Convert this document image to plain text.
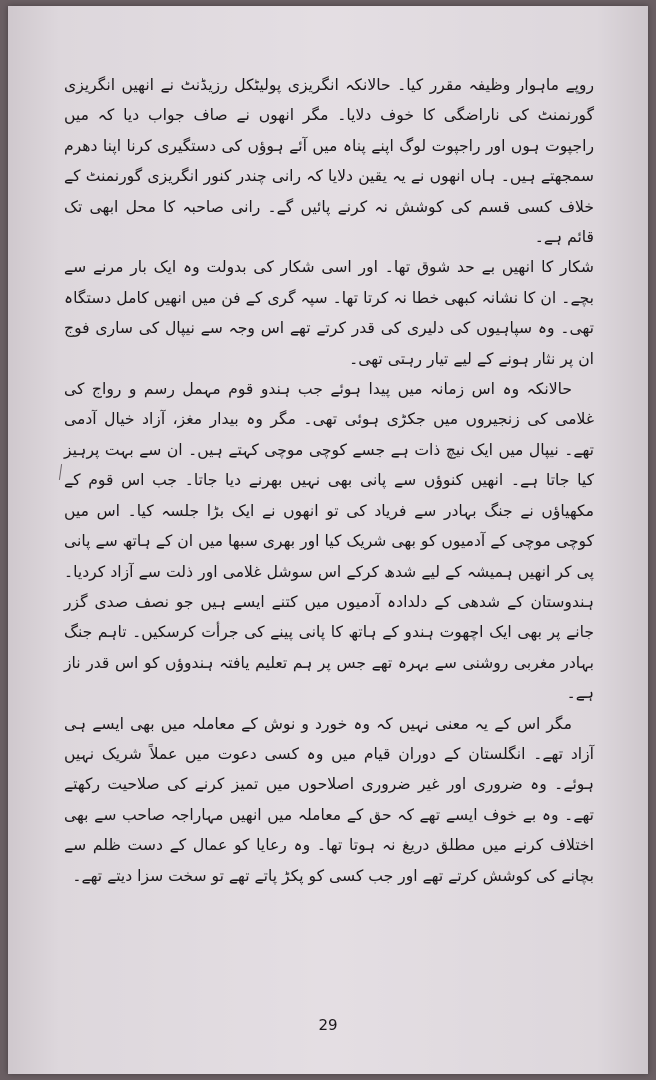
روپے ماہوار وظیفہ مقرر کیا۔ حالانکہ انگریزی پولیٹکل رزیڈنٹ نے انھیں انگریزی گورنمنٹ کی ناراضگی کا خوف دلایا۔ مگر انھوں نے صاف جواب دیا کہ میں راجپوت ہوں اور راجپوت لوگ اپنے پناہ میں آئے ہوؤں کی دستگیری کرنا اپنا دھرم سمجھتے ہیں۔ ہاں انھوں نے یہ یقین دلایا کہ رانی چندر کنور انگریزی گورنمنٹ کے خلاف کسی قسم کی کوشش نہ کرنے پائیں گے۔ رانی صاحبہ کا محل ابھی تک قائم ہے۔

شکار کا انھیں بے حد شوق تھا۔ اور اسی شکار کی بدولت وہ ایک بار مرنے سے بچے۔ ان کا نشانہ کبھی خطا نہ کرتا تھا۔ سپہ گری کے فن میں انھیں کامل دستگاہ تھی۔ وہ سپاہیوں کی دلیری کی قدر کرتے تھے اس وجہ سے نیپال کی ساری فوج ان پر نثار ہونے کے لیے تیار رہتی تھی۔

حالانکہ وہ اس زمانہ میں پیدا ہوئے جب ہندو قوم مہمل رسم و رواج کی غلامی کی زنجیروں میں جکڑی ہوئی تھی۔ مگر وہ بیدار مغز، آزاد خیال آدمی تھے۔ نیپال میں ایک نیچ ذات ہے جسے کوچی موچی کہتے ہیں۔ ان سے بہت پرہیز کیا جاتا ہے۔ انھیں کنوؤں سے پانی بھی نہیں بھرنے دیا جاتا۔ جب اس قوم کے مکھیاؤں نے جنگ بہادر سے فریاد کی تو انھوں نے ایک بڑا جلسہ کیا۔ اس میں کوچی موچی کے آدمیوں کو بھی شریک کیا اور بھری سبھا میں ان کے ہاتھ سے پانی پی کر انھیں ہمیشہ کے لیے شدھ کرکے اس سوشل غلامی اور ذلت سے آزاد کردیا۔ ہندوستان کے شدھی کے دلدادہ آدمیوں میں کتنے ایسے ہیں جو نصف صدی گزر جانے پر بھی ایک اچھوت ہندو کے ہاتھ کا پانی پینے کی جرأت کرسکیں۔ تاہم جنگ بہادر مغربی روشنی سے بہرہ تھے جس پر ہم تعلیم یافتہ ہندوؤں کو اس قدر ناز ہے۔

مگر اس کے یہ معنی نہیں کہ وہ خورد و نوش کے معاملہ میں بھی ایسے ہی آزاد تھے۔ انگلستان کے دوران قیام میں وہ کسی دعوت میں عملاً شریک نہیں ہوئے۔ وہ ضروری اور غیر ضروری اصلاحوں میں تمیز کرنے کی صلاحیت رکھتے تھے۔ وہ بے خوف ایسے تھے کہ حق کے معاملہ میں انھیں مہاراجہ صاحب سے بھی اختلاف کرنے میں مطلق دریغ نہ ہوتا تھا۔ وہ رعایا کو عمال کے دست ظلم سے بچانے کی کوشش کرتے تھے اور جب کسی کو پکڑ پاتے تھے تو سخت سزا دیتے تھے۔

29
